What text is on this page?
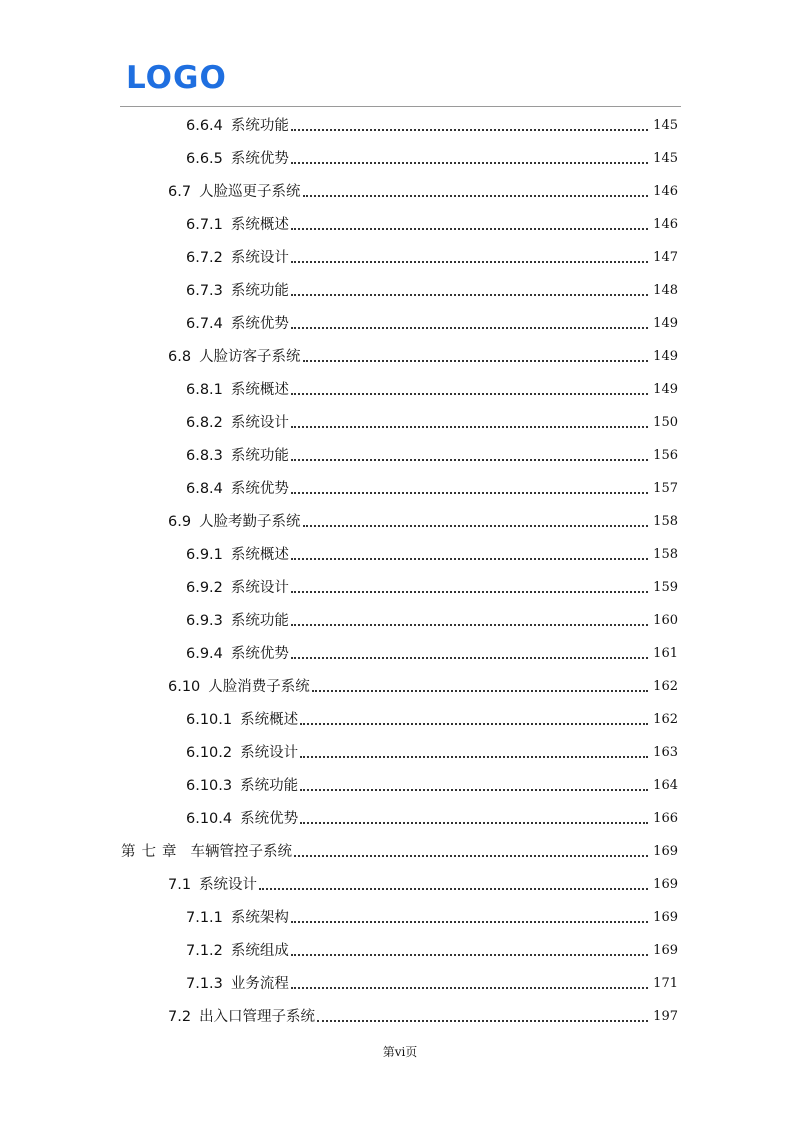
LOGO
6.6.4 系统功能	145
6.6.5 系统优势	145
6.7 人脸巡更子系统	146
6.7.1 系统概述	146
6.7.2 系统设计	147
6.7.3 系统功能	148
6.7.4 系统优势	149
6.8 人脸访客子系统	149
6.8.1 系统概述	149
6.8.2 系统设计	150
6.8.3 系统功能	156
6.8.4 系统优势	157
6.9 人脸考勤子系统	158
6.9.1 系统概述	158
6.9.2 系统设计	159
6.9.3 系统功能	160
6.9.4 系统优势	161
6.10 人脸消费子系统	162
6.10.1 系统概述	162
6.10.2 系统设计	163
6.10.3 系统功能	164
6.10.4 系统优势	166
第七章 车辆管控子系统	169
7.1 系统设计	169
7.1.1 系统架构	169
7.1.2 系统组成	169
7.1.3 业务流程	171
7.2 出入口管理子系统	197
第vi页
